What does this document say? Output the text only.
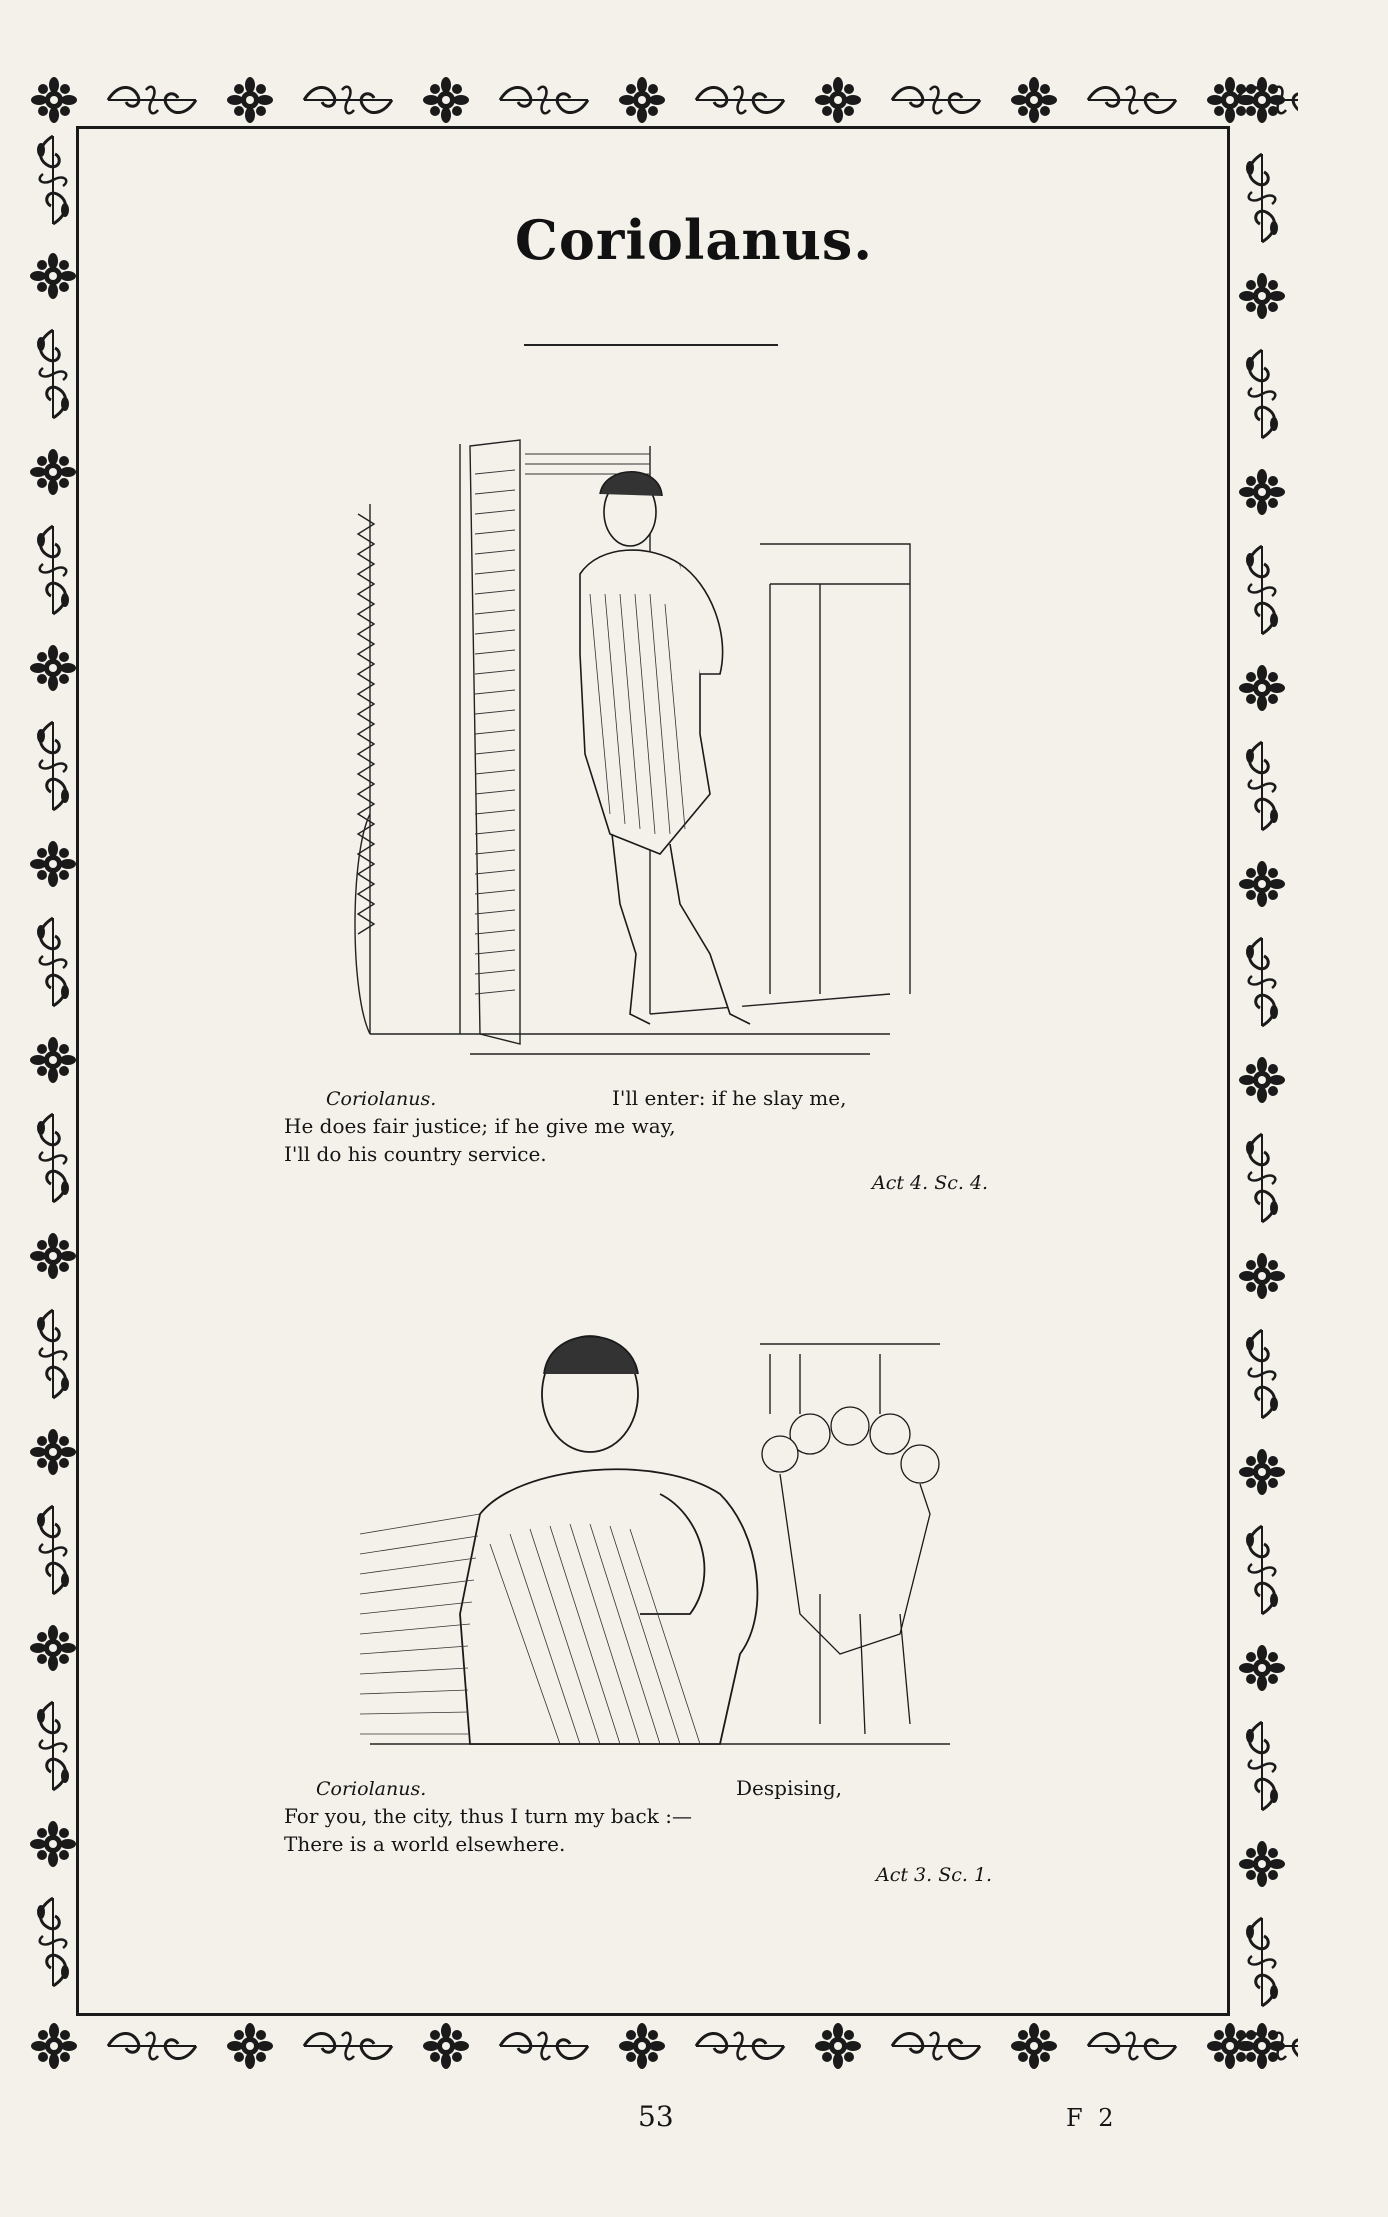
Coriolanus.
Coriolanus.	I'll enter: if he slay me,
He does fair justice; if he give me way,
I'll do his country service.
Act 4. Sc. 4.
Coriolanus.	Despising,
For you, the city, thus I turn my back :—
There is a world elsewhere.
Act 3. Sc. 1.
53	F 2
